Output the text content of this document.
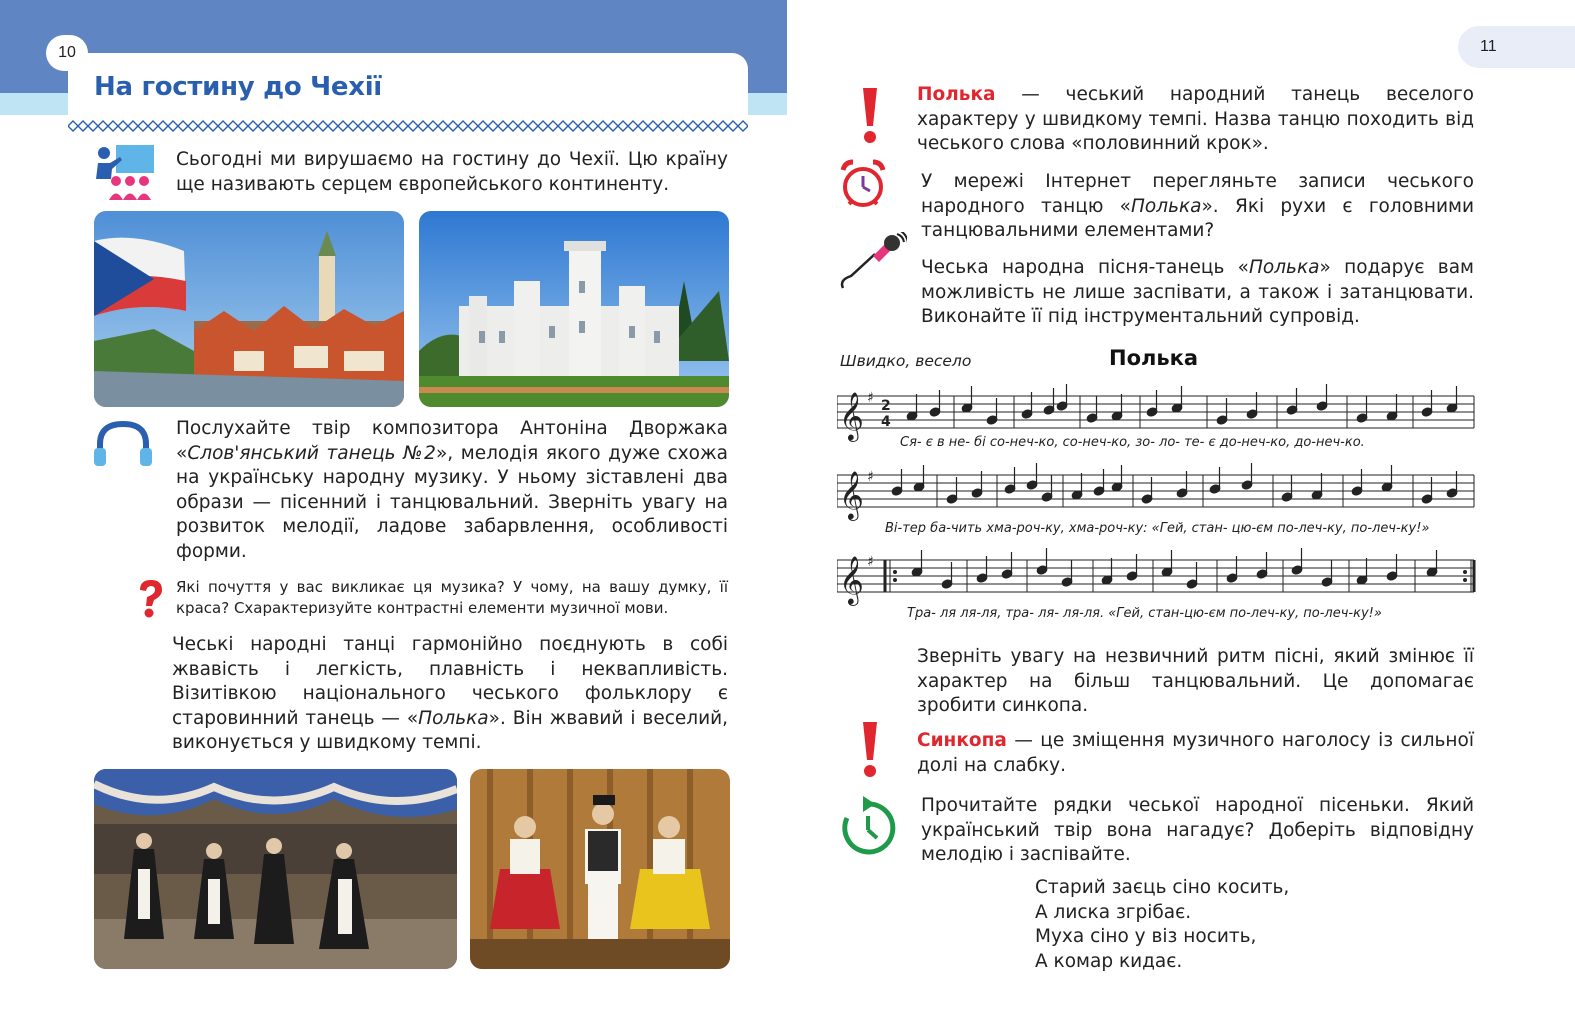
10
На гостину до Чехії
Сьогодні ми вирушаємо на гостину до Чехії. Цю країну ще називають серцем європейського континенту.
Послухайте твір композитора Антоніна Дворжака «Слов'янський танець №2», мелодія якого дуже схожа на українську народну музику. У ньому зіставлені два образи — пісенний і танцювальний. Зверніть увагу на розвиток мелодії, ладове забарвлення, особливості форми.
Які почуття у вас викликає ця музика? У чому, на вашу думку, її краса? Схарактеризуйте контрастні елементи музичної мови.
Чеські народні танці гармонійно поєднують в собі жвавість і легкість, плавність і неквапливість. Візитівкою національного чеського фольклору є старовинний танець — «Полька». Він жвавий і веселий, виконується у швидкому темпі.
11
Полька — чеський народний танець веселого характеру у швидкому темпі. Назва танцю походить від чеського слова «половинний крок».
У мережі Інтернет перегляньте записи чеського народного танцю «Полька». Які рухи є головними танцювальними елементами?
Чеська народна пісня-танець «Полька» подарує вам можливість не лише заспівати, а також і затанцювати. Виконайте її під інструментальний супровід.
Швидко, весело	Полька
𝄞
𝄞
𝄞
♯
♯
♯
2
4
Ся- є в не- бі со-неч-ко, со-неч-ко, зо- ло- те- є до-неч-ко, до-неч-ко.
Ві-тер ба-чить хма-роч-ку, хма-роч-ку: «Гей, стан- цю-єм по-леч-ку, по-леч-ку!»
Тра- ля ля-ля, тра- ля- ля-ля. «Гей, стан-цю-єм по-леч-ку, по-леч-ку!»
Зверніть увагу на незвичний ритм пісні, який змінює її характер на більш танцювальний. Це допомагає зробити синкопа.
Синкопа — це зміщення музичного наголосу із сильної долі на слабку.
Прочитайте рядки чеської народної пісеньки. Який український твір вона нагадує? Доберіть відповідну мелодію і заспівайте.
Старий заєць сіно косить,
А лиска згрібає.
Муха сіно у віз носить,
А комар кидає.
